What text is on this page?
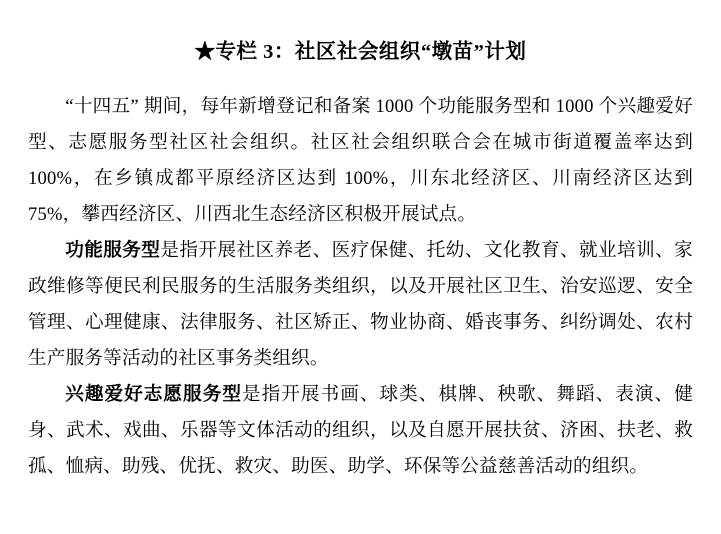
★专栏 3：社区社会组织“墩苗”计划

“十四五” 期间，每年新增登记和备案 1000 个功能服务型和 1000 个兴趣爱好型、志愿服务型社区社会组织。社区社会组织联合会在城市街道覆盖率达到 100%，在乡镇成都平原经济区达到 100%，川东北经济区、川南经济区达到 75%，攀西经济区、川西北生态经济区积极开展试点。

功能服务型是指开展社区养老、医疗保健、托幼、文化教育、就业培训、家政维修等便民利民服务的生活服务类组织，以及开展社区卫生、治安巡逻、安全管理、心理健康、法律服务、社区矫正、物业协商、婚丧事务、纠纷调处、农村生产服务等活动的社区事务类组织。

兴趣爱好志愿服务型是指开展书画、球类、棋牌、秧歌、舞蹈、表演、健身、武术、戏曲、乐器等文体活动的组织，以及自愿开展扶贫、济困、扶老、救孤、恤病、助残、优抚、救灾、助医、助学、环保等公益慈善活动的组织。
